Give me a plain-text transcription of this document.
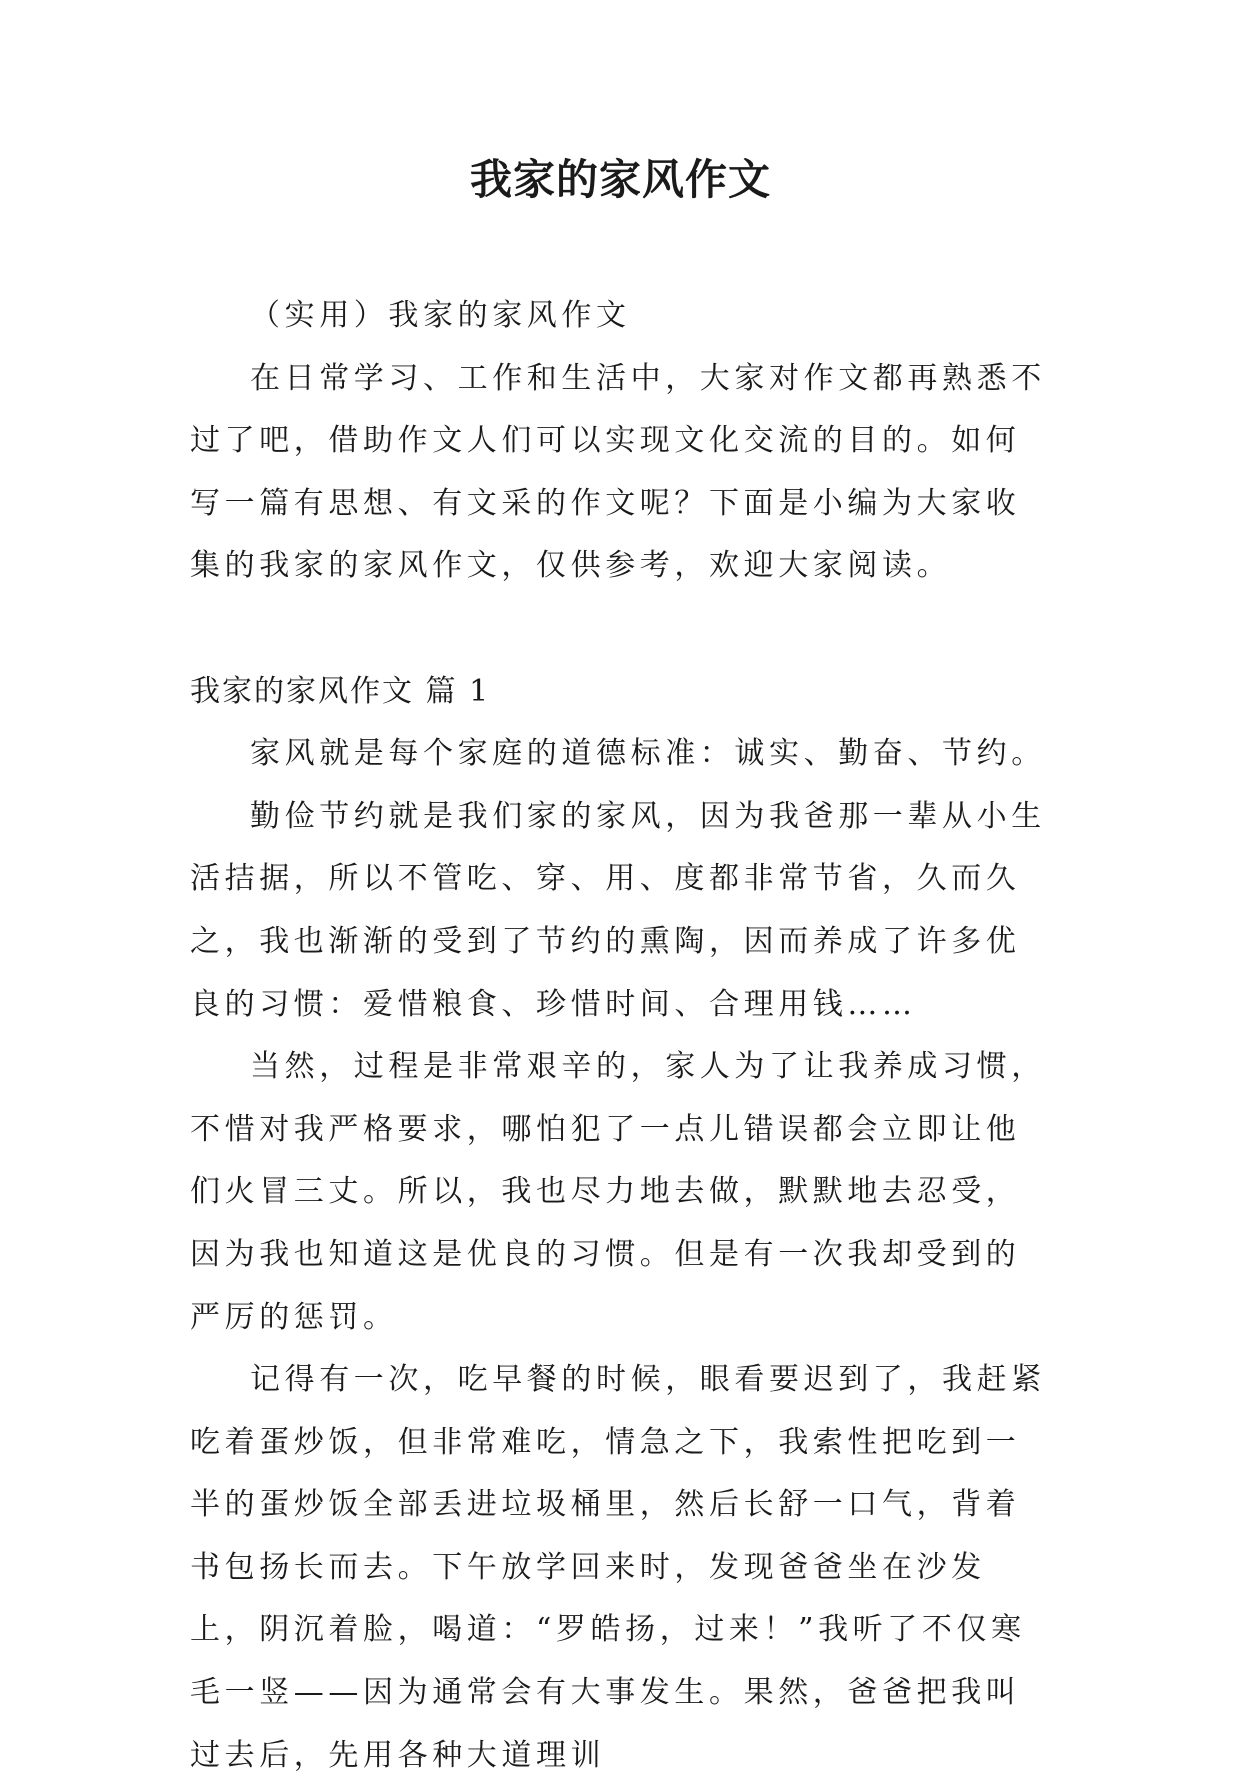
我家的家风作文

（实用）我家的家风作文

在日常学习、工作和生活中，大家对作文都再熟悉不过了吧，借助作文人们可以实现文化交流的目的。如何写一篇有思想、有文采的作文呢？下面是小编为大家收集的我家的家风作文，仅供参考，欢迎大家阅读。

我家的家风作文 篇 1

家风就是每个家庭的道德标准：诚实、勤奋、节约。

勤俭节约就是我们家的家风，因为我爸那一辈从小生活拮据，所以不管吃、穿、用、度都非常节省，久而久之，我也渐渐的受到了节约的熏陶，因而养成了许多优良的习惯：爱惜粮食、珍惜时间、合理用钱……

当然，过程是非常艰辛的，家人为了让我养成习惯，不惜对我严格要求，哪怕犯了一点儿错误都会立即让他们火冒三丈。所以，我也尽力地去做，默默地去忍受，因为我也知道这是优良的习惯。但是有一次我却受到的严厉的惩罚。

记得有一次，吃早餐的时候，眼看要迟到了，我赶紧吃着蛋炒饭，但非常难吃，情急之下，我索性把吃到一半的蛋炒饭全部丢进垃圾桶里，然后长舒一口气，背着书包扬长而去。下午放学回来时，发现爸爸坐在沙发上，阴沉着脸，喝道：“罗皓扬，过来！”我听了不仅寒毛一竖——因为通常会有大事发生。果然，爸爸把我叫过去后，先用各种大道理训
